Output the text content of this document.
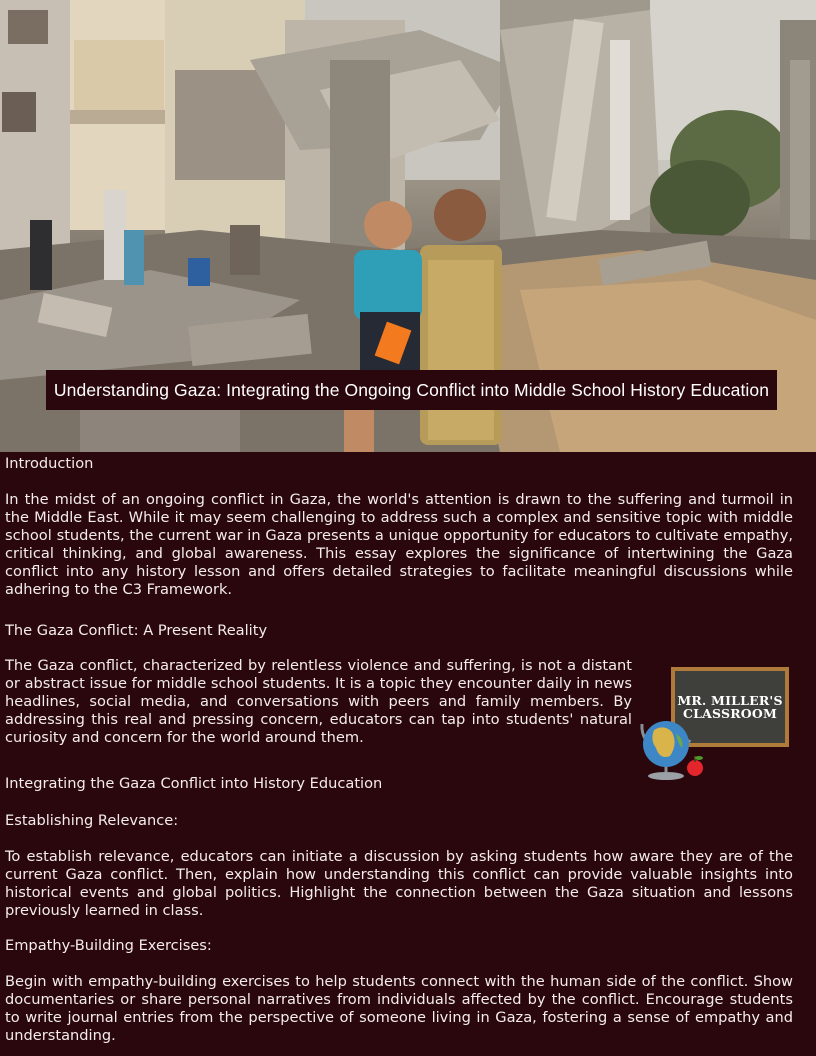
Understanding Gaza: Integrating the Ongoing Conflict into Middle School History Education
Introduction
In the midst of an ongoing conflict in Gaza, the world's attention is drawn to the suffering and turmoil in the Middle East. While it may seem challenging to address such a complex and sensitive topic with middle school students, the current war in Gaza presents a unique opportunity for educators to cultivate empathy, critical thinking, and global awareness. This essay explores the significance of intertwining the Gaza conflict into any history lesson and offers detailed strategies to facilitate meaningful discussions while adhering to the C3 Framework.
The Gaza Conflict: A Present Reality
The Gaza conflict, characterized by relentless violence and suffering, is not a distant or abstract issue for middle school students. It is a topic they encounter daily in news headlines, social media, and conversations with peers and family members. By addressing this real and pressing concern, educators can tap into students' natural curiosity and concern for the world around them.
MR. MILLER'S
CLASSROOM
Integrating the Gaza Conflict into History Education
Establishing Relevance:
To establish relevance, educators can initiate a discussion by asking students how aware they are of the current Gaza conflict. Then, explain how understanding this conflict can provide valuable insights into historical events and global politics. Highlight the connection between the Gaza situation and lessons previously learned in class.
Empathy-Building Exercises:
Begin with empathy-building exercises to help students connect with the human side of the conflict. Show documentaries or share personal narratives from individuals affected by the conflict. Encourage students to write journal entries from the perspective of someone living in Gaza, fostering a sense of empathy and understanding.
